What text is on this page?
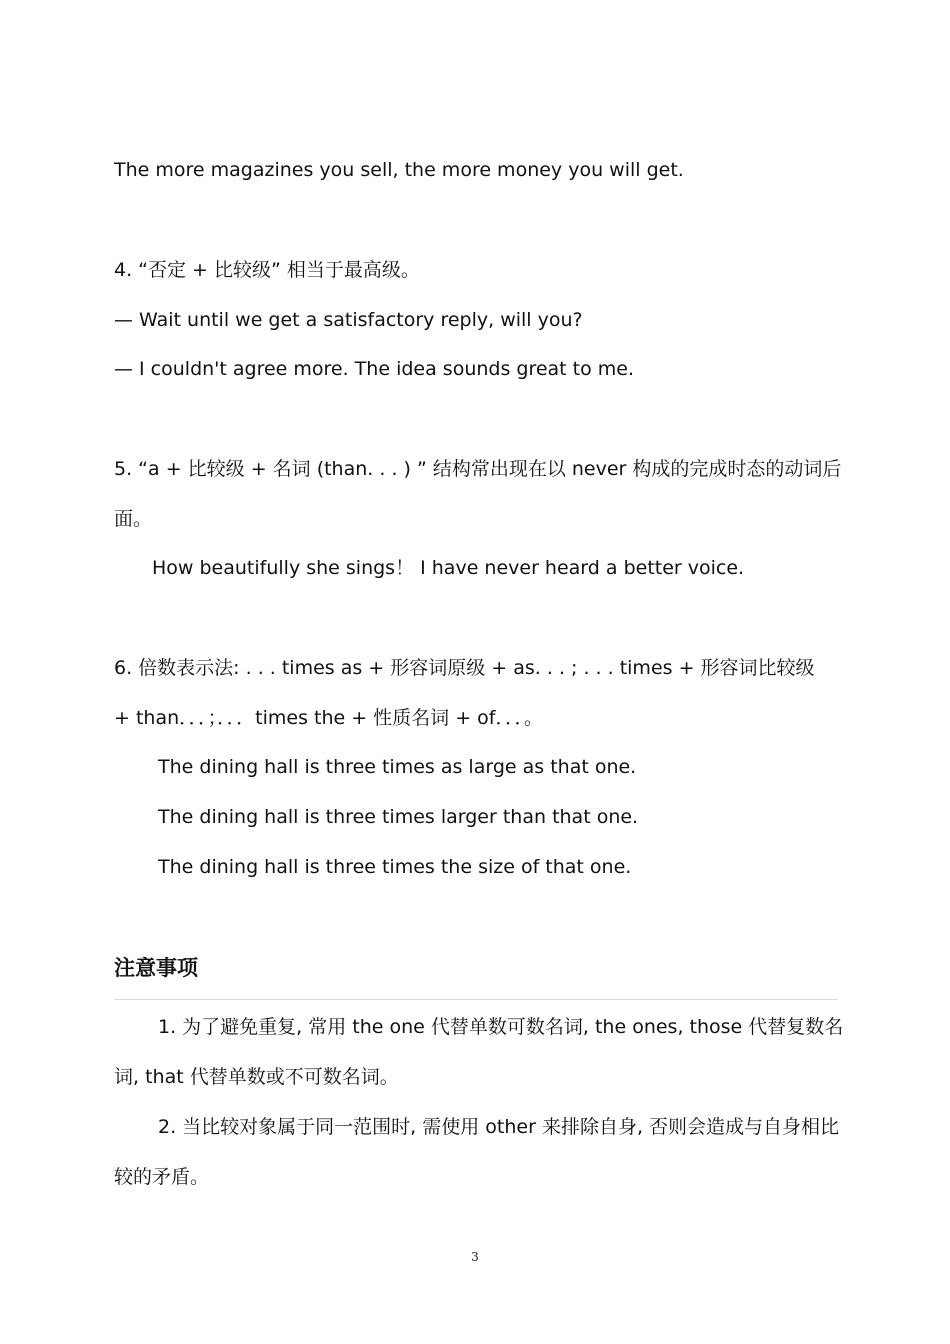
The more magazines you sell, the more money you will get.
4. “否定 + 比较级” 相当于最高级。
— Wait until we get a satisfactory reply, will you?
— I couldn't agree more. The idea sounds great to me.
5. “a + 比较级 + 名词 (than. . . ) ” 结构常出现在以 never 构成的完成时态的动词后
面。
How beautifully she sings！ I have never heard a better voice.
6. 倍数表示法: . . . times as + 形容词原级 + as. . . ; . . . times + 形容词比较级
+ than．．．；．．．times the + 性质名词 + of．．．。
The dining hall is three times as large as that one.
The dining hall is three times larger than that one.
The dining hall is three times the size of that one.
注意事项
1. 为了避免重复, 常用 the one 代替单数可数名词, the ones, those 代替复数名
词, that 代替单数或不可数名词。
2. 当比较对象属于同一范围时, 需使用 other 来排除自身, 否则会造成与自身相比
较的矛盾。
3
